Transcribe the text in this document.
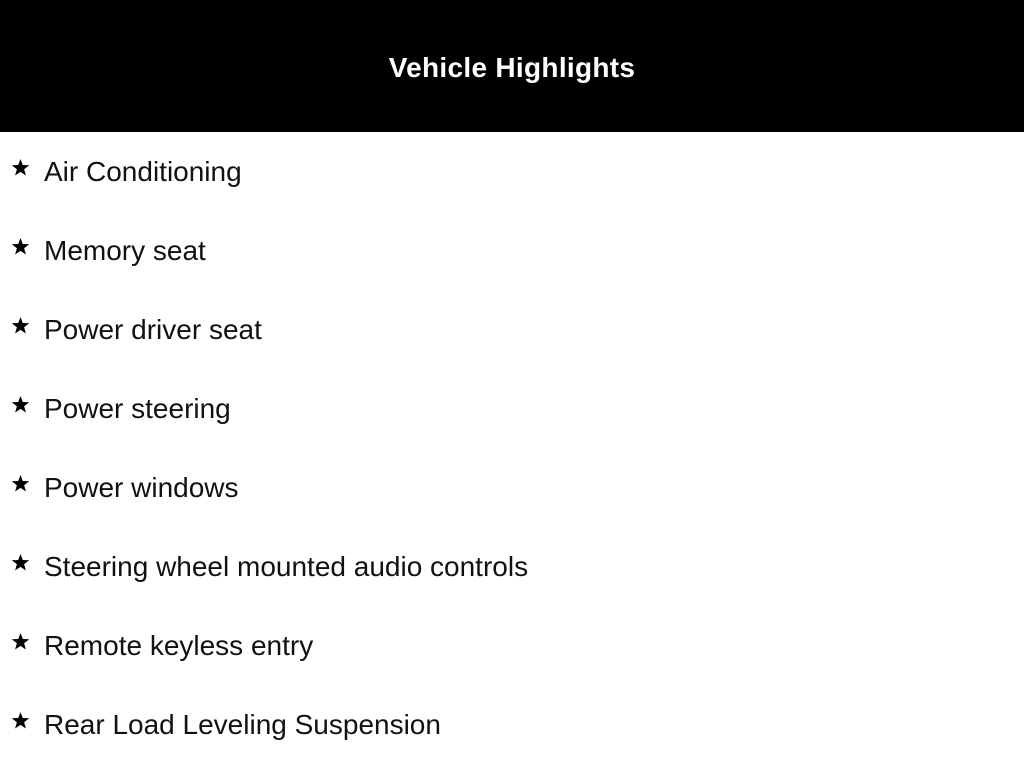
Vehicle Highlights
Air Conditioning
Memory seat
Power driver seat
Power steering
Power windows
Steering wheel mounted audio controls
Remote keyless entry
Rear Load Leveling Suspension
